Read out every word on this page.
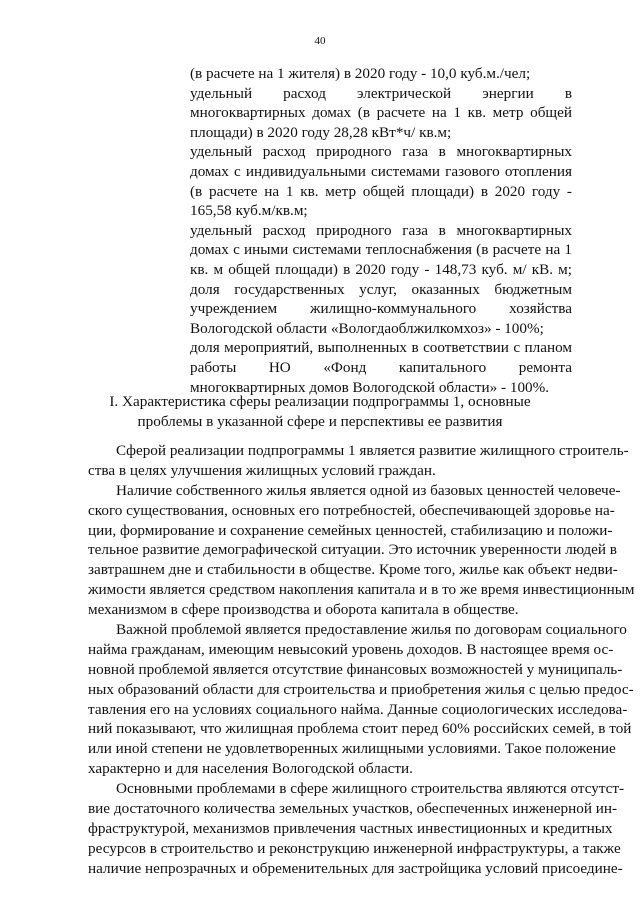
40
(в расчете на 1 жителя) в 2020 году - 10,0 куб.м./чел;
удельный расход электрической энергии в
многоквартирных домах (в расчете на 1 кв. метр общей
площади) в 2020 году 28,28 кВт*ч/ кв.м;
удельный расход природного газа в многоквартирных
домах с индивидуальными системами газового отопления
(в расчете на 1 кв. метр общей площади) в 2020 году -
165,58 куб.м/кв.м;
удельный расход природного газа в многоквартирных
домах с иными системами теплоснабжения (в расчете на 1
кв. м общей площади) в 2020 году - 148,73 куб. м/ кВ. м;
доля государственных услуг, оказанных бюджетным
учреждением жилищно-коммунального хозяйства
Вологодской области «Вологдаоблжилкомхоз» - 100%;
доля мероприятий, выполненных в соответствии с планом
работы НО «Фонд капитального ремонта
многоквартирных домов Вологодской области» - 100%.
I. Характеристика сферы реализации подпрограммы 1, основные
проблемы в указанной сфере и перспективы ее развития
Сферой реализации подпрограммы 1 является развитие жилищного строитель-
ства в целях улучшения жилищных условий граждан.
Наличие собственного жилья является одной из базовых ценностей человече-
ского существования, основных его потребностей, обеспечивающей здоровье на-
ции, формирование и сохранение семейных ценностей, стабилизацию и положи-
тельное развитие демографической ситуации. Это источник уверенности людей в
завтрашнем дне и стабильности в обществе. Кроме того, жилье как объект недви-
жимости является средством накопления капитала и в то же время инвестиционным
механизмом в сфере производства и оборота капитала в обществе.
Важной проблемой является предоставление жилья по договорам социального
найма гражданам, имеющим невысокий уровень доходов. В настоящее время ос-
новной проблемой является отсутствие финансовых возможностей у муниципаль-
ных образований области для строительства и приобретения жилья с целью предос-
тавления его на условиях социального найма. Данные социологических исследова-
ний показывают, что жилищная проблема стоит перед 60% российских семей, в той
или иной степени не удовлетворенных жилищными условиями. Такое положение
характерно и для населения Вологодской области.
Основными проблемами в сфере жилищного строительства являются отсутст-
вие достаточного количества земельных участков, обеспеченных инженерной ин-
фраструктурой, механизмов привлечения частных инвестиционных и кредитных
ресурсов в строительство и реконструкцию инженерной инфраструктуры, а также
наличие непрозрачных и обременительных для застройщика условий присоедине-
